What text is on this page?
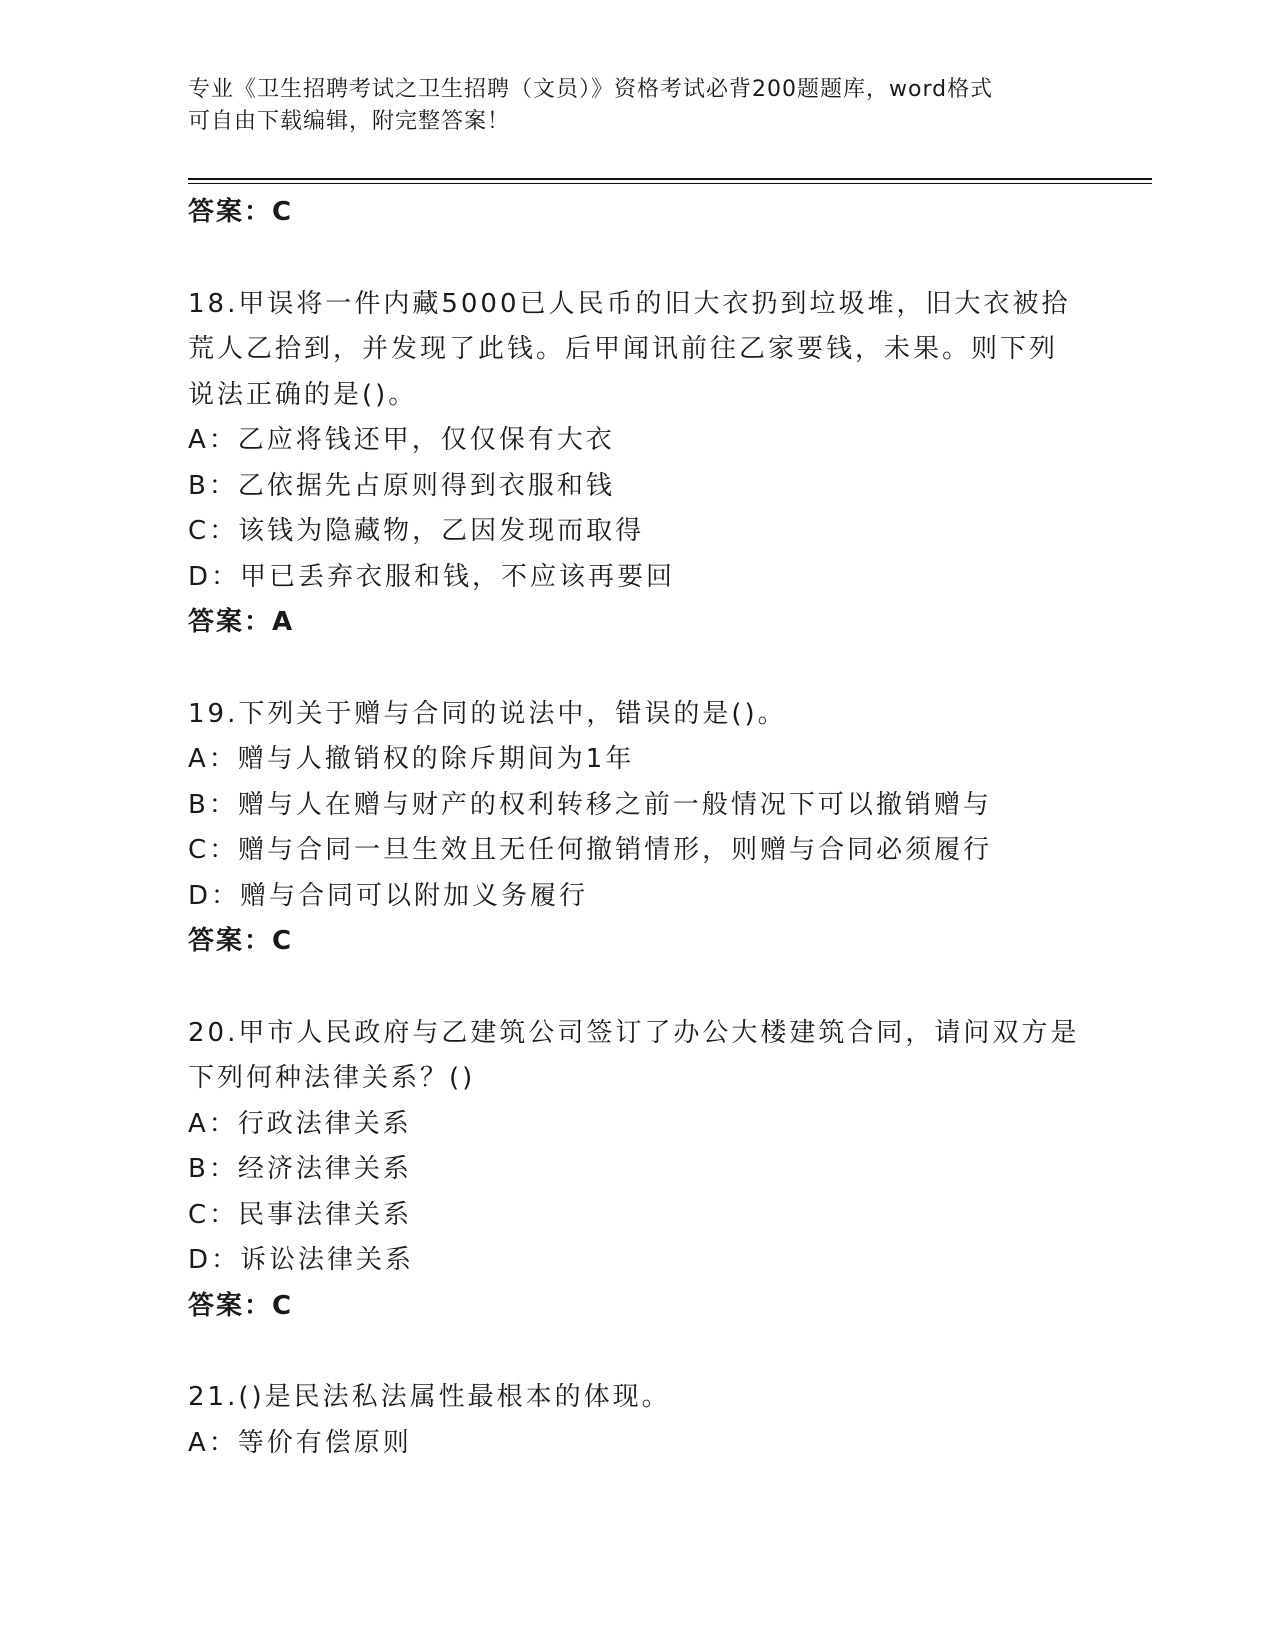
专业《卫生招聘考试之卫生招聘（文员）》资格考试必背200题题库，word格式
可自由下载编辑，附完整答案！
答案：C
18.甲误将一件内藏5000已人民币的旧大衣扔到垃圾堆，旧大衣被拾
荒人乙拾到，并发现了此钱。后甲闻讯前往乙家要钱，未果。则下列
说法正确的是()。
A：乙应将钱还甲，仅仅保有大衣
B：乙依据先占原则得到衣服和钱
C：该钱为隐藏物，乙因发现而取得
D：甲已丢弃衣服和钱，不应该再要回
答案：A
19.下列关于赠与合同的说法中，错误的是()。
A：赠与人撤销权的除斥期间为1年
B：赠与人在赠与财产的权利转移之前一般情况下可以撤销赠与
C：赠与合同一旦生效且无任何撤销情形，则赠与合同必须履行
D：赠与合同可以附加义务履行
答案：C
20.甲市人民政府与乙建筑公司签订了办公大楼建筑合同，请问双方是
下列何种法律关系？()
A：行政法律关系
B：经济法律关系
C：民事法律关系
D：诉讼法律关系
答案：C
21.()是民法私法属性最根本的体现。
A：等价有偿原则
